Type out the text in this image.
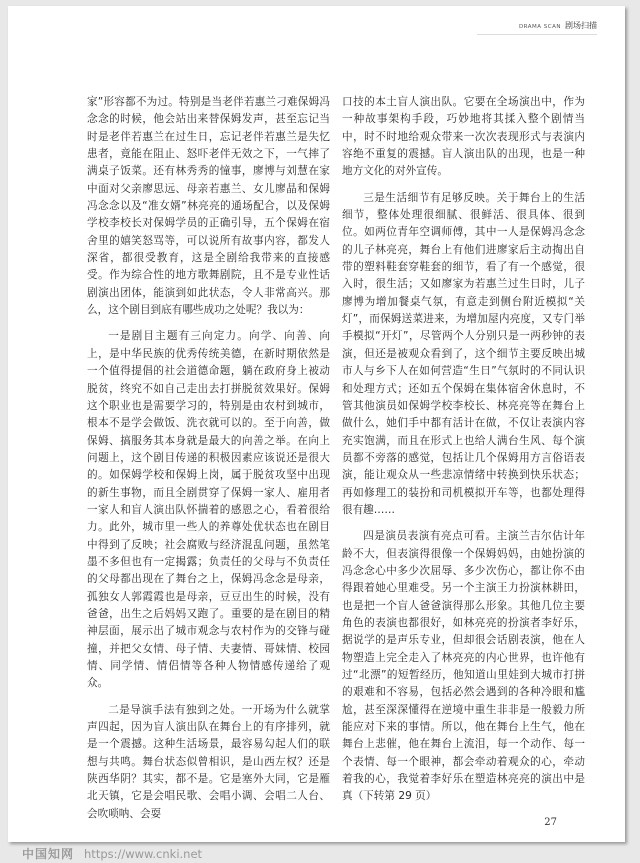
DRAMA SCAN 剧场扫描

家”形容都不为过。特别是当老伴若惠兰刁难保姆冯念念的时候，他会站出来替保姆发声，甚至忘记当时是老伴若惠兰在过生日，忘记老伴若惠兰是失忆患者，竟能在阻止、怒吓老伴无效之下，一气摔了满桌子饭菜。还有林秀秀的憧事，廖博与刘慧在家中面对父亲廖思远、母亲若惠兰、女儿廖晶和保姆冯念念以及“准女婿”林亮亮的通场配合，以及保姆学校李校长对保姆学员的正确引导，五个保姆在宿舍里的嬉笑怒骂等，可以说所有故事内容，都发人深省，都很受教育，这是全剧给我带来的直接感受。作为综合性的地方歌舞剧院，且不是专业性话剧演出团体，能演到如此状态，令人非常高兴。那么，这个剧目到底有哪些成功之处呢？我以为：

一是剧目主题有三向定力。向学、向善、向上，是中华民族的优秀传统美德，在新时期依然是一个值得提倡的社会道德命题，躺在政府身上被动脱贫，终究不如自己走出去打拼脱贫效果好。保姆这个职业也是需要学习的，特别是由农村到城市，根本不是学会做饭、洗衣就可以的。至于向善，做保姆、搞服务其本身就是最大的向善之举。在向上问题上，这个剧目传递的积极因素应该说还是很大的。如保姆学校和保姆上岗，属于脱贫攻坚中出现的新生事物，而且全剧贯穿了保姆一家人、雇用者一家人和盲人演出队怀揣着的感恩之心，看着很给力。此外，城市里一些人的养尊处优状态也在剧目中得到了反映；社会腐败与经济混乱问题，虽然笔墨不多但也有一定揭露；负责任的父母与不负责任的父母都出现在了舞台之上，保姆冯念念是母亲，孤独女人郭霞霞也是母亲，豆豆出生的时候，没有爸爸，出生之后妈妈又跑了。重要的是在剧目的精神层面，展示出了城市观念与农村作为的交锋与碰撞，并把父女情、母子情、夫妻情、哥妹情、校园情、同学情、情侣情等各种人物情感传递给了观众。

二是导演手法有独到之处。一开场为什么就掌声四起，因为盲人演出队在舞台上的有序排列，就是一个震撼。这种生活场景，最容易勾起人们的联想与共鸣。舞台状态似曾相识，是山西左权？还是陕西华阴？其实，都不是。它是塞外大同，它是雁北天镇，它是会唱民歌、会唱小调、会唱二人台、会吹唢呐、会耍

口技的本土盲人演出队。它要在全场演出中，作为一种故事架构手段，巧妙地将其揉入整个剧情当中，时不时地给观众带来一次次表现形式与表演内容绝不重复的震撼。盲人演出队的出现，也是一种地方文化的对外宣传。

三是生活细节有足够反映。关于舞台上的生活细节，整体处理很细腻、很鲜活、很具体、很到位。如两位青年空调师傅，其中一人是保姆冯念念的儿子林亮亮，舞台上有他们进廖家后主动掏出自带的塑料鞋套穿鞋套的细节，看了有一个感觉，很入时，很生活；又如廖家为若惠兰过生日时，儿子廖博为增加餐桌气氛，有意走到侧台附近模拟“关灯”，而保姆送菜进来，为增加屋内亮度，又专门举手模拟“开灯”，尽管两个人分别只是一两秒钟的表演，但还是被观众看到了，这个细节主要反映出城市人与乡下人在如何营造“生日”气氛时的不同认识和处理方式；还如五个保姆在集体宿舍休息时，不管其他演员如保姆学校李校长、林亮亮等在舞台上做什么，她们手中都有活计在做，不仅让表演内容充实饱满，而且在形式上也给人满台生风、每个演员都不旁落的感觉，包括让几个保姆用方言俗语表演，能让观众从一些悲凉情绪中转换到快乐状态；再如修理工的装扮和司机模拟开车等，也都处理得很有趣……

四是演员表演有亮点可看。主演兰吉尔估计年龄不大，但表演得很像一个保姆妈妈，由她扮演的冯念念心中多少次屈辱、多少次伤心，都让你不由得跟着她心里难受。另一个主演王力扮演林耕田，也是把一个盲人爸爸演得那么形象。其他几位主要角色的表演也都很好，如林亮亮的扮演者李好乐，据说学的是声乐专业，但却很会话剧表演，他在人物塑造上完全走入了林亮亮的内心世界，也许他有过“北漂”的短暂经历，他知道山里娃到大城市打拼的艰难和不容易，包括必然会遇到的各种冷眼和尴尬，甚至深深懂得在逆境中重生非非是一般毅力所能应对下来的事情。所以，他在舞台上生气，他在舞台上悲催，他在舞台上流泪，每一个动作、每一个表情、每一个眼神，都会牵动着观众的心，牵动着我的心，我觉着李好乐在塑造林亮亮的演出中是真（下转第 29 页）

27
中国知网 https://www.cnki.net
